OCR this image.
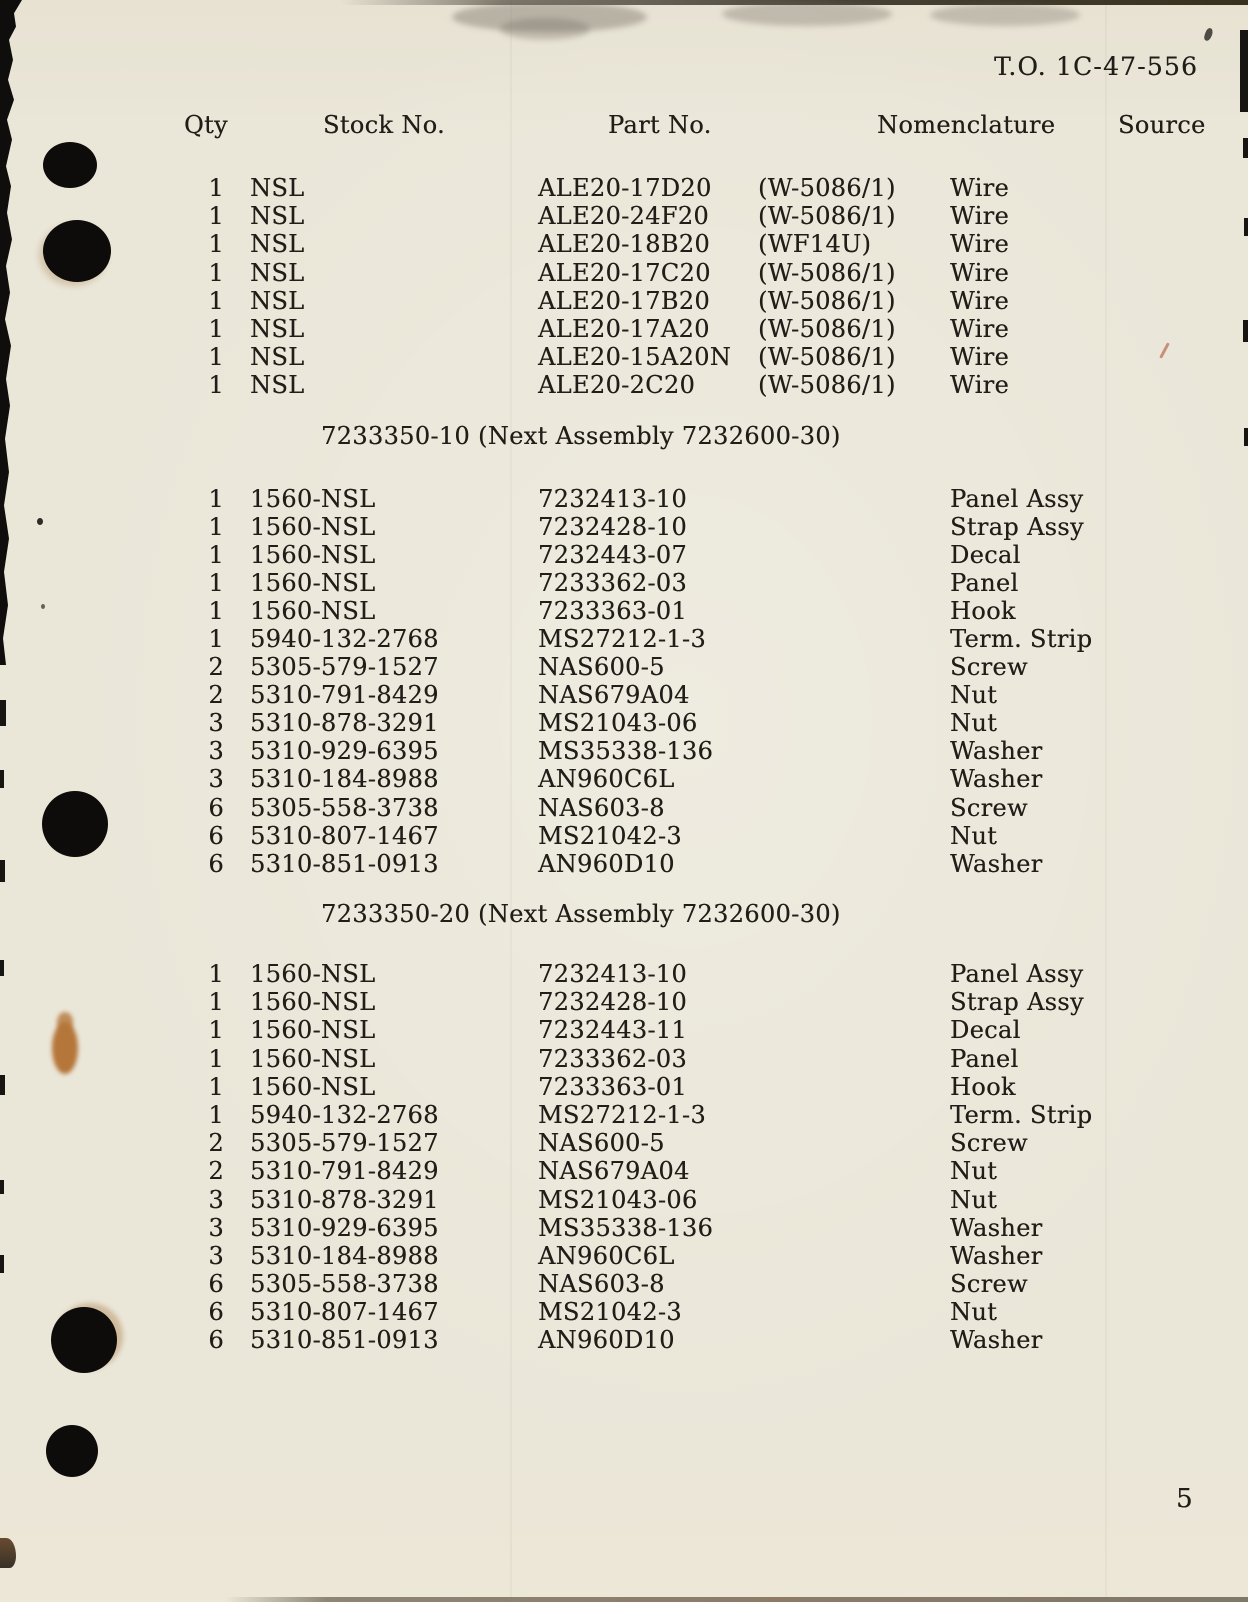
T.O. 1C-47-556
Qty	Stock No.	Part No.	Nomenclature	Source
1 NSL	ALE20-17D20 (W-5086/1) Wire
1 NSL	ALE20-24F20 (W-5086/1) Wire
1 NSL	ALE20-18B20 (WF14U)	Wire
1 NSL	ALE20-17C20 (W-5086/1) Wire
1 NSL	ALE20-17B20 (W-5086/1) Wire
1 NSL	ALE20-17A20 (W-5086/1) Wire
1 NSL	ALE20-15A20N (W-5086/1) Wire
1 NSL	ALE20-2C20	(W-5086/1) Wire
7233350-10 (Next Assembly 7232600-30)
1 1560-NSL	7232413-10	Panel Assy
1 1560-NSL	7232428-10	Strap Assy
1 1560-NSL	7232443-07	Decal
1 1560-NSL	7233362-03	Panel
1 1560-NSL	7233363-01	Hook
1 5940-132-2768	MS27212-1-3	Term. Strip
2 5305-579-1527	NAS600-5	Screw
2 5310-791-8429	NAS679A04	Nut
3 5310-878-3291	MS21043-06	Nut
3 5310-929-6395	MS35338-136	Washer
3 5310-184-8988	AN960C6L	Washer
6 5305-558-3738	NAS603-8	Screw
6 5310-807-1467	MS21042-3	Nut
6 5310-851-0913	AN960D10	Washer
7233350-20 (Next Assembly 7232600-30)
1 1560-NSL	7232413-10	Panel Assy
1 1560-NSL	7232428-10	Strap Assy
1 1560-NSL	7232443-11	Decal
1 1560-NSL	7233362-03	Panel
1 1560-NSL	7233363-01	Hook
1 5940-132-2768	MS27212-1-3	Term. Strip
2 5305-579-1527	NAS600-5	Screw
2 5310-791-8429	NAS679A04	Nut
3 5310-878-3291	MS21043-06	Nut
3 5310-929-6395	MS35338-136	Washer
3 5310-184-8988	AN960C6L	Washer
6 5305-558-3738	NAS603-8	Screw
6 5310-807-1467	MS21042-3	Nut
6 5310-851-0913	AN960D10	Washer
5
